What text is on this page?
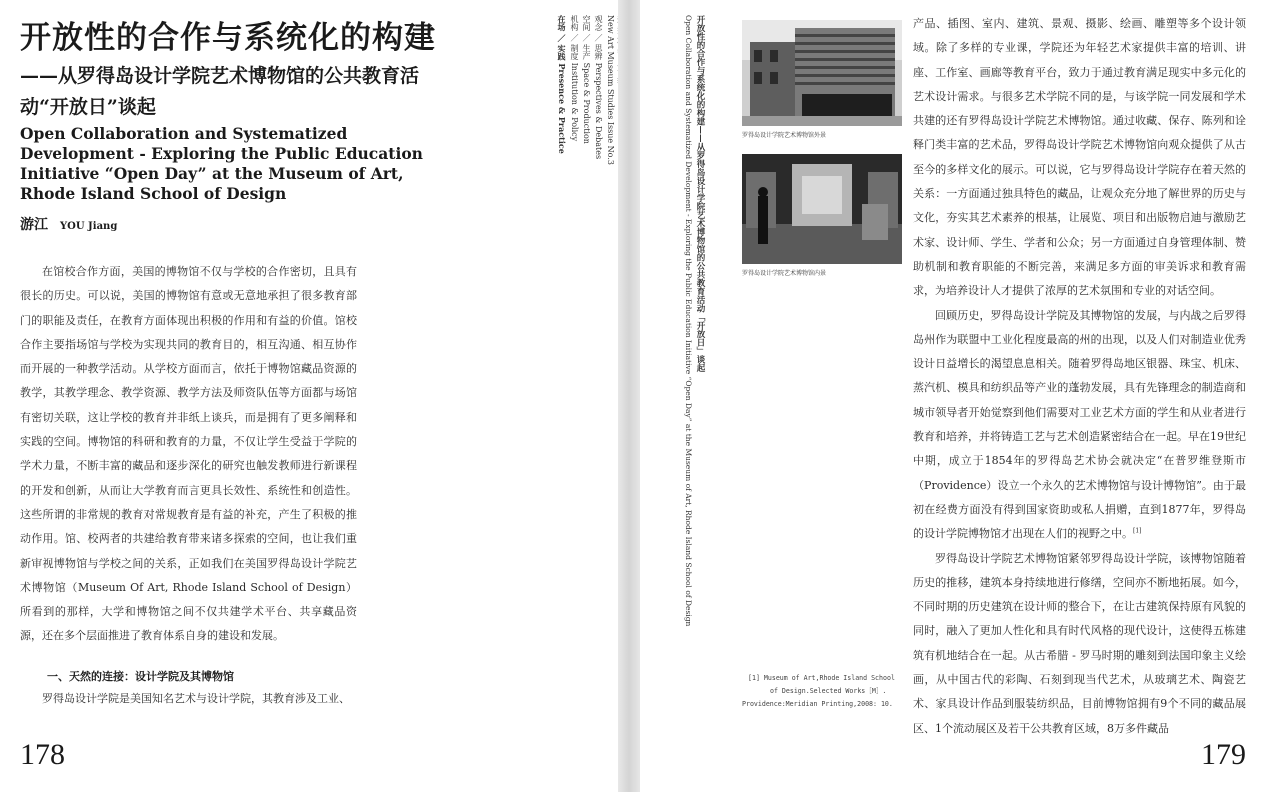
开放性的合作与系统化的构建
——从罗得岛设计学院艺术博物馆的公共教育活动“开放日”谈起
Open Collaboration and Systematized Development - Exploring the Public Education Initiative “Open Day” at the Museum of Art, Rhode Island School of Design
游江 YOU Jiang

在馆校合作方面，美国的博物馆不仅与学校的合作密切，且具有很长的历史。可以说，美国的博物馆有意或无意地承担了很多教育部门的职能及责任，在教育方面体现出积极的作用和有益的价值。馆校合作主要指场馆与学校为实现共同的教育目的，相互沟通、相互协作而开展的一种教学活动。从学校方面而言，依托于博物馆藏品资源的教学，其教学理念、教学资源、教学方法及师资队伍等方面都与场馆有密切关联，这让学校的教育并非纸上谈兵，而是拥有了更多阐释和实践的空间。博物馆的科研和教育的力量，不仅让学生受益于学院的学术力量，不断丰富的藏品和逐步深化的研究也触发教师进行新课程的开发和创新，从而让大学教育而言更具长效性、系统性和创造性。这些所谓的非常规的教育对常规教育是有益的补充，产生了积极的推动作用。馆、校两者的共建给教育带来诸多探索的空间，也让我们重新审视博物馆与学校之间的关系，正如我们在美国罗得岛设计学院艺术博物馆（Museum Of Art, Rhode Island School of Design）所看到的那样，大学和博物馆之间不仅共建学术平台、共享藏品资源，还在多个层面推进了教育体系自身的建设和发展。

一、天然的连接：设计学院及其博物馆

罗得岛设计学院是美国知名艺术与设计学院，其教育涉及工业、

178
New Art Museum Studies Issue No.3
观念 ／ 思辨 Perspectives & Debates
空间 ／ 生产 Space & Production
机构 ／ 制度 Institution & Policy
在场 ／ 实践 Presence & Practice	开放性的合作与系统化的构建——从罗得岛设计学院艺术博物馆的公共教育活动「开放日」谈起
Open Collaboration and Systematized Development - Exploring the Public Education Initiative “Open Day” at the Museum of Art, Rhode Island School of Design	罗得岛设计学院艺术博物馆外景
罗得岛设计学院艺术博物馆内景
[1] Museum of Art,Rhode Island School
of Design.Selected Works［M］.
Providence:Meridian Printing,2008: 10.

产品、插图、室内、建筑、景观、摄影、绘画、雕塑等多个设计领域。除了多样的专业课，学院还为年轻艺术家提供丰富的培训、讲座、工作室、画廊等教育平台，致力于通过教育满足现实中多元化的艺术设计需求。与很多艺术学院不同的是，与该学院一同发展和学术共建的还有罗得岛设计学院艺术博物馆。通过收藏、保存、陈列和诠释门类丰富的艺术品，罗得岛设计学院艺术博物馆向观众提供了从古至今的多样文化的展示。可以说，它与罗得岛设计学院存在着天然的关系：一方面通过独具特色的藏品，让观众充分地了解世界的历史与文化，夯实其艺术素养的根基，让展览、项目和出版物启迪与激励艺术家、设计师、学生、学者和公众；另一方面通过自身管理体制、赞助机制和教育职能的不断完善，来满足多方面的审美诉求和教育需求，为培养设计人才提供了浓厚的艺术氛围和专业的对话空间。

回顾历史，罗得岛设计学院及其博物馆的发展，与内战之后罗得岛州作为联盟中工业化程度最高的州的出现，以及人们对制造业优秀设计日益增长的渴望息息相关。随着罗得岛地区银器、珠宝、机床、蒸汽机、模具和纺织品等产业的蓬勃发展，具有先锋理念的制造商和城市领导者开始觉察到他们需要对工业艺术方面的学生和从业者进行教育和培养，并将铸造工艺与艺术创造紧密结合在一起。早在19世纪中期，成立于1854年的罗得岛艺术协会就决定“在普罗维登斯市（Providence）设立一个永久的艺术博物馆与设计博物馆”。由于最初在经费方面没有得到国家资助或私人捐赠，直到1877年，罗得岛的设计学院博物馆才出现在人们的视野之中。[1]

罗得岛设计学院艺术博物馆紧邻罗得岛设计学院，该博物馆随着历史的推移，建筑本身持续地进行修缮，空间亦不断地拓展。如今，不同时期的历史建筑在设计师的整合下，在让古建筑保持原有风貌的同时，融入了更加人性化和具有时代风格的现代设计，这使得五栋建筑有机地结合在一起。从古希腊 - 罗马时期的雕刻到法国印象主义绘画，从中国古代的彩陶、石刻到现当代艺术，从玻璃艺术、陶瓷艺术、家具设计作品到服装纺织品，目前博物馆拥有9个不同的藏品展区、1个流动展区及若干公共教育区域，8万多件藏品

179
